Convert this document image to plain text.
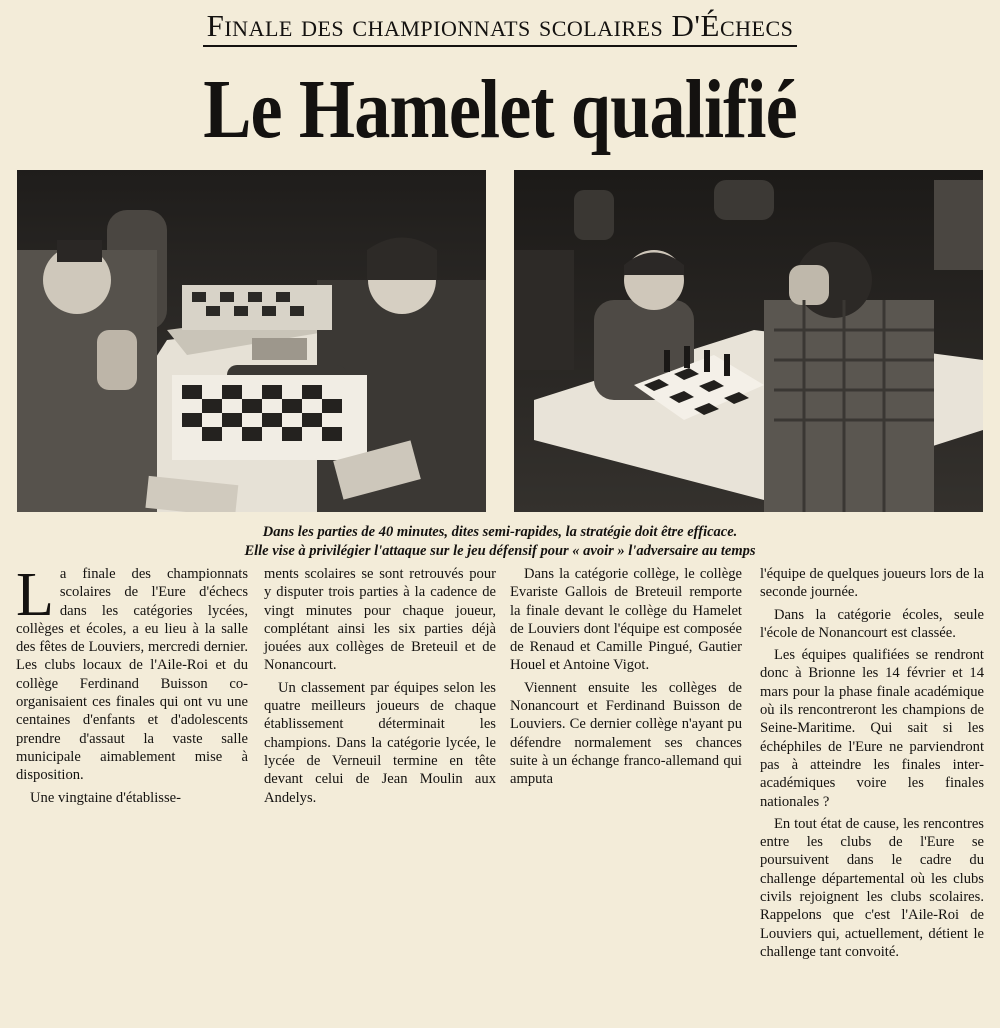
Finale des championnats scolaires D'Échecs
Le Hamelet qualifié
Dans les parties de 40 minutes, dites semi-rapides, la stratégie doit être efficace.
Elle vise à privilégier l'attaque sur le jeu défensif pour « avoir » l'adversaire au temps

La finale des championnats scolaires de l'Eure d'échecs dans les catégories lycées, collèges et écoles, a eu lieu à la salle des fêtes de Louviers, mercredi dernier. Les clubs locaux de l'Aile-Roi et du collège Ferdinand Buisson co-organisaient ces finales qui ont vu une centaines d'enfants et d'adolescents prendre d'assaut la vaste salle municipale aimablement mise à disposition.

Une vingtaine d'établisse-

ments scolaires se sont retrouvés pour y disputer trois parties à la cadence de vingt minutes pour chaque joueur, complétant ainsi les six parties déjà jouées aux collèges de Breteuil et de Nonancourt.

Un classement par équipes selon les quatre meilleurs joueurs de chaque établissement déterminait les champions. Dans la catégorie lycée, le lycée de Verneuil termine en tête devant celui de Jean Moulin aux Andelys.

Dans la catégorie collège, le collège Evariste Gallois de Breteuil remporte la finale devant le collège du Hamelet de Louviers dont l'équipe est composée de Renaud et Camille Pingué, Gautier Houel et Antoine Vigot.

Viennent ensuite les collèges de Nonancourt et Ferdinand Buisson de Louviers. Ce dernier collège n'ayant pu défendre normalement ses chances suite à un échange franco-allemand qui amputa

l'équipe de quelques joueurs lors de la seconde journée.

Dans la catégorie écoles, seule l'école de Nonancourt est classée.

Les équipes qualifiées se rendront donc à Brionne les 14 février et 14 mars pour la phase finale académique où ils rencontreront les champions de Seine-Maritime. Qui sait si les échéphiles de l'Eure ne parviendront pas à atteindre les finales inter-académiques voire les finales nationales ?

En tout état de cause, les rencontres entre les clubs de l'Eure se poursuivent dans le cadre du challenge départemental où les clubs civils rejoignent les clubs scolaires. Rappelons que c'est l'Aile-Roi de Louviers qui, actuellement, détient le challenge tant convoité.
